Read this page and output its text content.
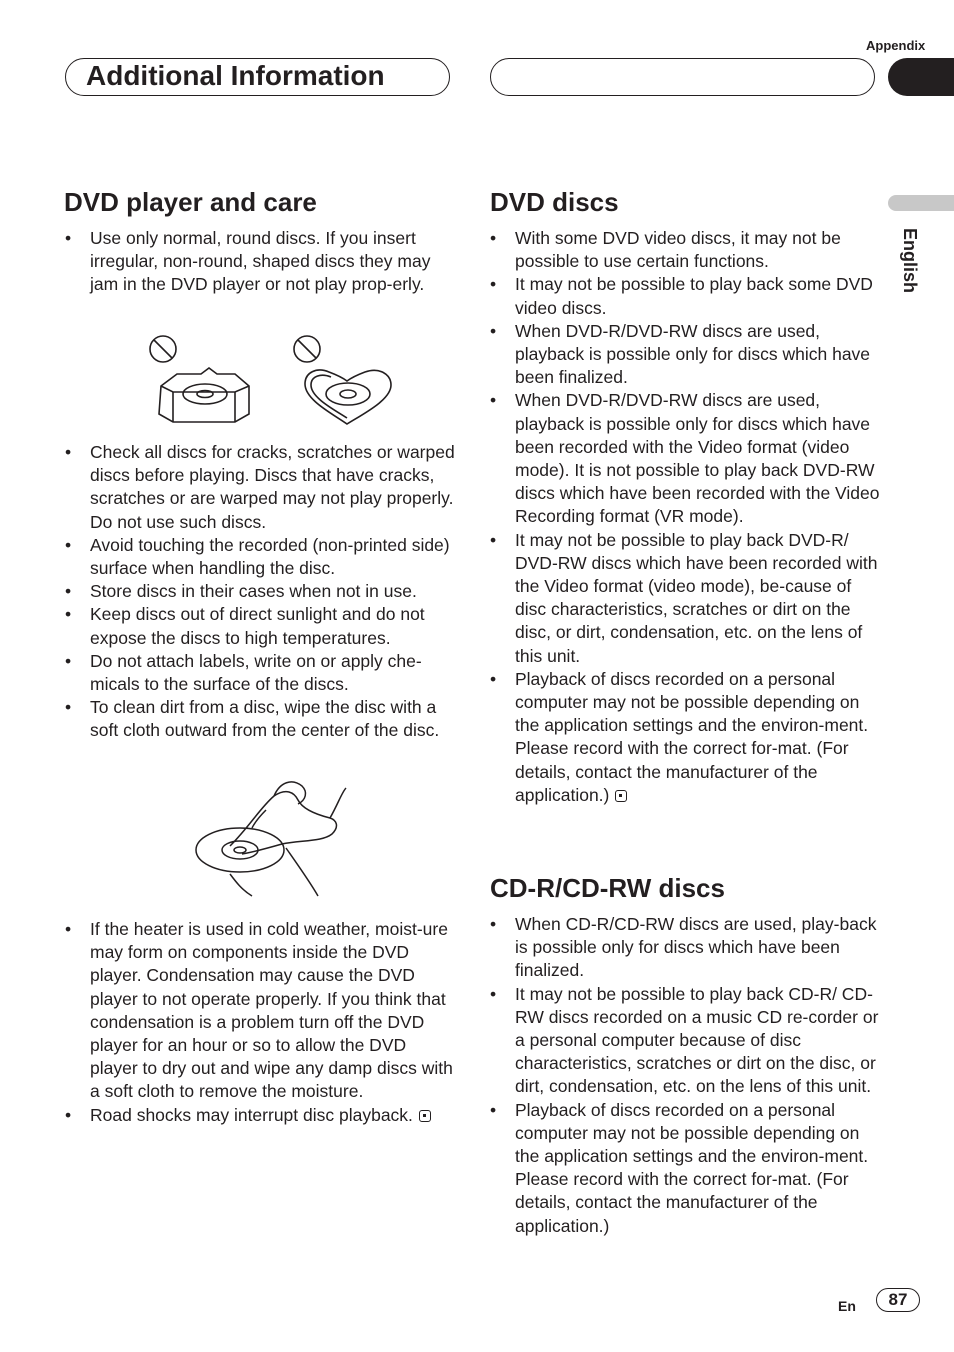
Appendix
Additional Information
English
DVD player and care
• Use only normal, round discs. If you insert irregular, non-round, shaped discs they may jam in the DVD player or not play prop-erly.
• Check all discs for cracks, scratches or warped discs before playing. Discs that have cracks, scratches or are warped may not play properly. Do not use such discs.
• Avoid touching the recorded (non-printed side) surface when handling the disc.
• Store discs in their cases when not in use.
• Keep discs out of direct sunlight and do not expose the discs to high temperatures.
• Do not attach labels, write on or apply che-micals to the surface of the discs.
• To clean dirt from a disc, wipe the disc with a soft cloth outward from the center of the disc.
• If the heater is used in cold weather, moist-ure may form on components inside the DVD player. Condensation may cause the DVD player to not operate properly. If you think that condensation is a problem turn off the DVD player for an hour or so to allow the DVD player to dry out and wipe any damp discs with a soft cloth to remove the moisture.
• Road shocks may interrupt disc playback.
DVD discs
• With some DVD video discs, it may not be possible to use certain functions.
• It may not be possible to play back some DVD video discs.
• When DVD-R/DVD-RW discs are used, playback is possible only for discs which have been finalized.
• When DVD-R/DVD-RW discs are used, playback is possible only for discs which have been recorded with the Video format (video mode). It is not possible to play back DVD-RW discs which have been recorded with the Video Recording format (VR mode).
• It may not be possible to play back DVD-R/ DVD-RW discs which have been recorded with the Video format (video mode), be-cause of disc characteristics, scratches or dirt on the disc, or dirt, condensation, etc. on the lens of this unit.
• Playback of discs recorded on a personal computer may not be possible depending on the application settings and the environ-ment. Please record with the correct for-mat. (For details, contact the manufacturer of the application.)
CD-R/CD-RW discs
• When CD-R/CD-RW discs are used, play-back is possible only for discs which have been finalized.
• It may not be possible to play back CD-R/ CD-RW discs recorded on a music CD re-corder or a personal computer because of disc characteristics, scratches or dirt on the disc, or dirt, condensation, etc. on the lens of this unit.
• Playback of discs recorded on a personal computer may not be possible depending on the application settings and the environ-ment. Please record with the correct for-mat. (For details, contact the manufacturer of the application.)
En	87
